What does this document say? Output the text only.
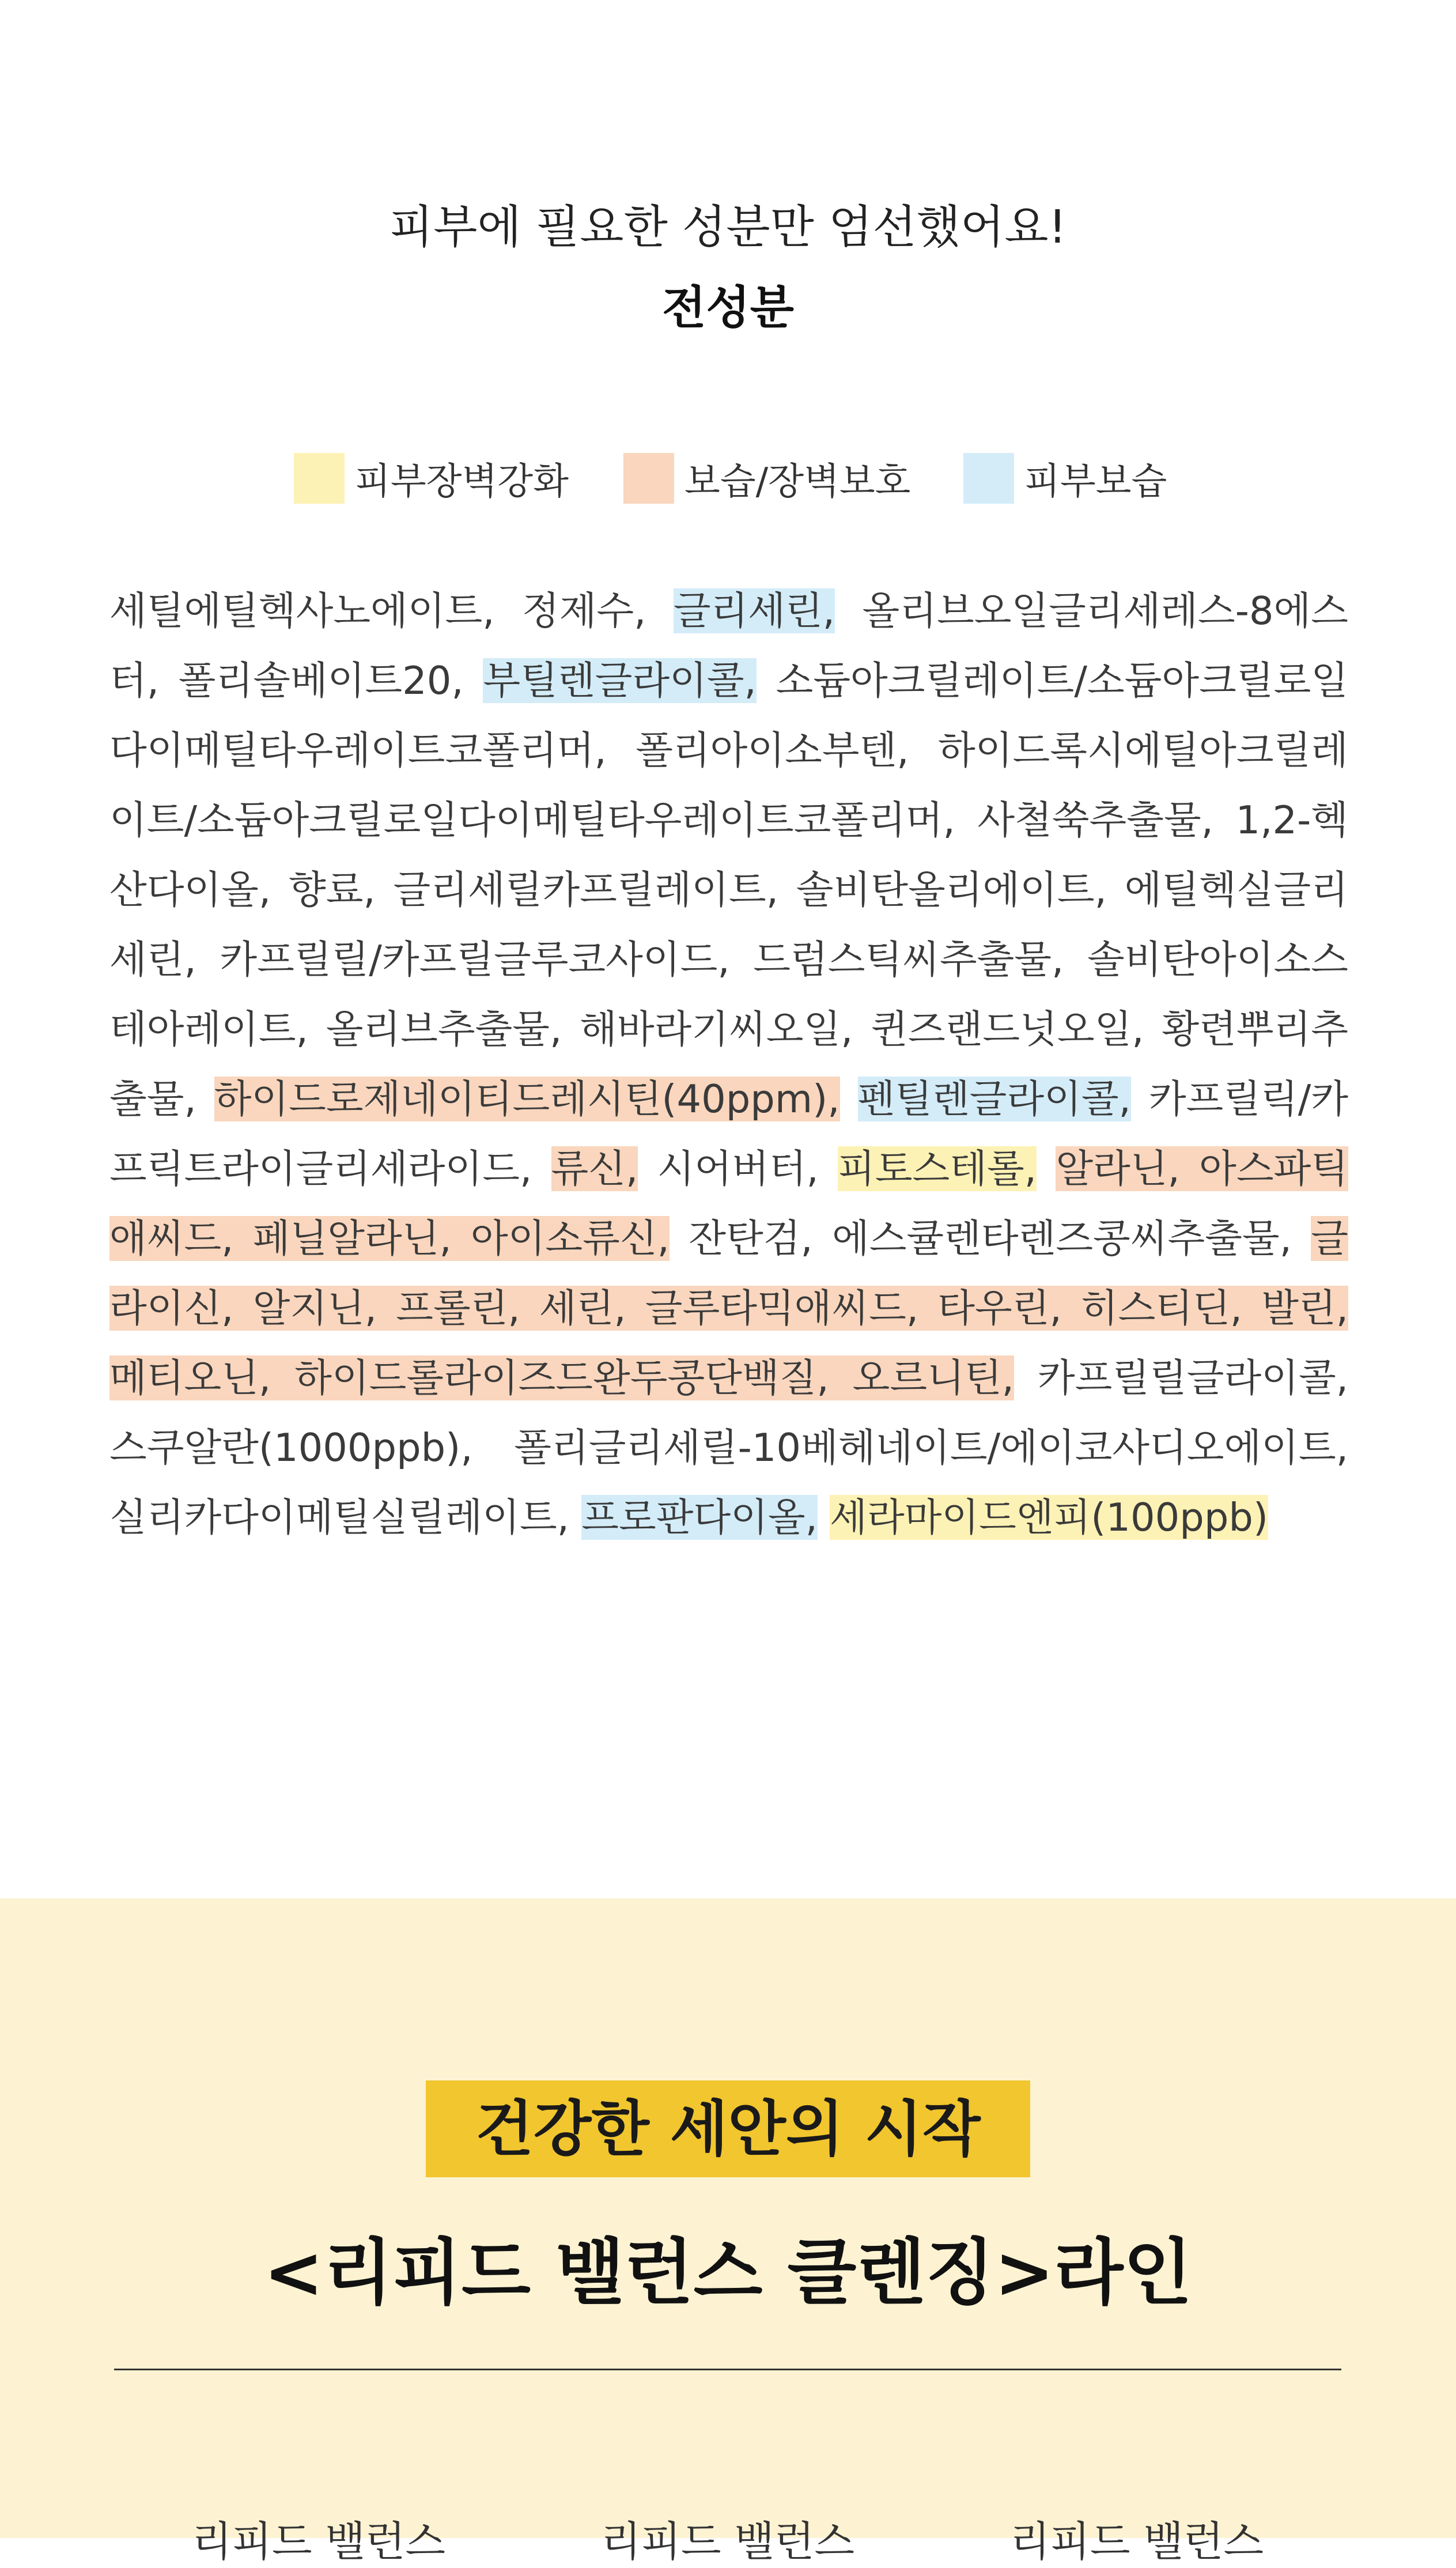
피부에 필요한 성분만 엄선했어요!
전성분
피부장벽강화	보습/장벽보호	피부보습
세틸에틸헥사노에이트, 정제수, 글리세린, 올리브오일글리세레스-8에스터, 폴리솔베이트20, 부틸렌글라이콜, 소듐아크릴레이트/소듐아크릴로일다이메틸타우레이트코폴리머, 폴리아이소부텐, 하이드록시에틸아크릴레이트/소듐아크릴로일다이메틸타우레이트코폴리머, 사철쑥추출물, 1,2-헥산다이올, 향료, 글리세릴카프릴레이트, 솔비탄올리에이트, 에틸헥실글리세린, 카프릴릴/카프릴글루코사이드, 드럼스틱씨추출물, 솔비탄아이소스테아레이트, 올리브추출물, 해바라기씨오일, 퀸즈랜드넛오일, 황련뿌리추출물, 하이드로제네이티드레시틴(40ppm), 펜틸렌글라이콜, 카프릴릭/카프릭트라이글리세라이드, 류신, 시어버터, 피토스테롤, 알라닌, 아스파틱애씨드, 페닐알라닌, 아이소류신, 잔탄검, 에스큘렌타렌즈콩씨추출물, 글라이신, 알지닌, 프롤린, 세린, 글루타믹애씨드, 타우린, 히스티딘, 발린, 메티오닌, 하이드롤라이즈드완두콩단백질, 오르니틴, 카프릴릴글라이콜, 스쿠알란(1000ppb), 폴리글리세릴-10베헤네이트/에이코사디오에이트, 실리카다이메틸실릴레이트, 프로판다이올, 세라마이드엔피(100ppb)
건강한 세안의 시작
<리피드 밸런스 클렌징>라인
리피드 밸런스	리피드 밸런스	리피드 밸런스
